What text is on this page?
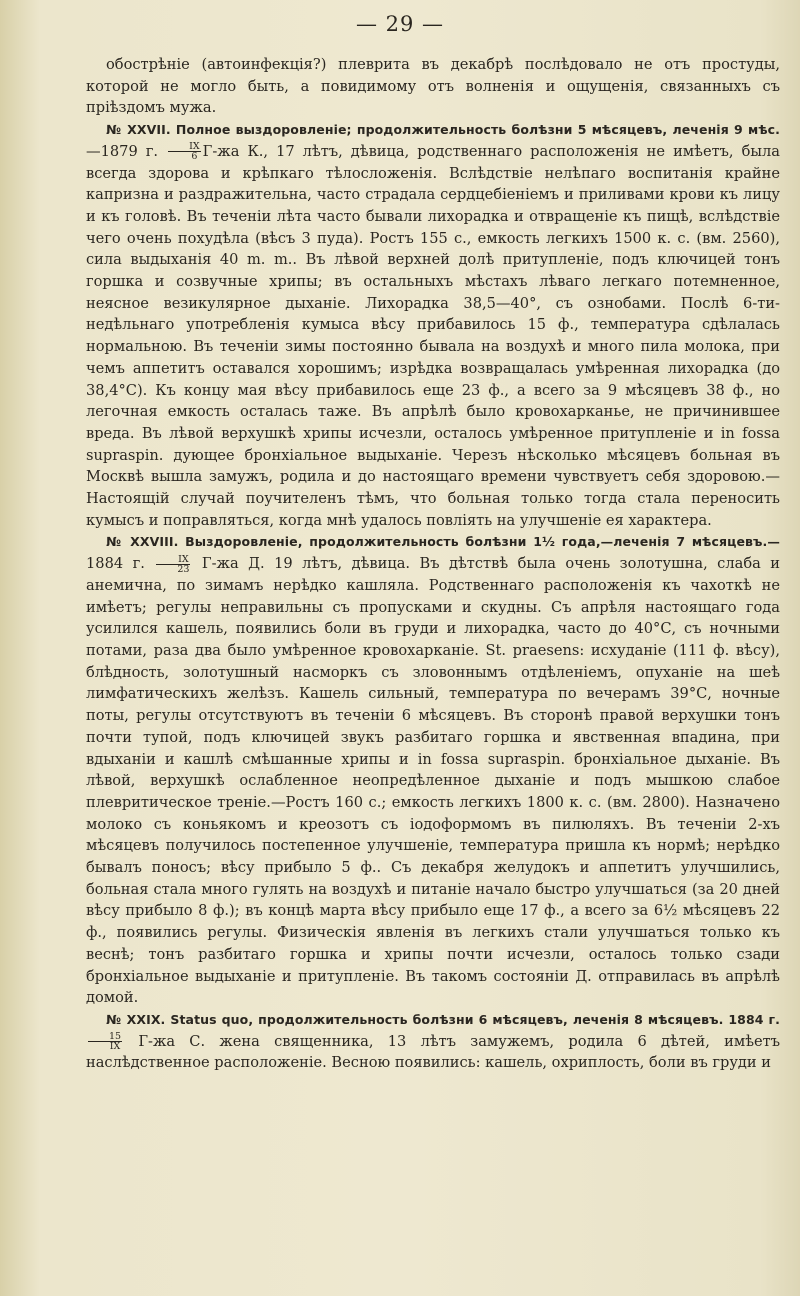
— 29 —

обострѣніе (автоинфекція?) плеврита въ декабрѣ послѣдовало не отъ простуды, которой не могло быть, а повидимому отъ волненія и ощущенія, связанныхъ съ пріѣздомъ мужа.

№ XXVII. Полное выздоровленіе; продолжительность болѣзни 5 мѣсяцевъ, леченія 9 мѣс.—1879 г. $\frac{IX}{6} Г-жа$ К., 17 лѣтъ, дѣвица, родственнаго расположенія не имѣетъ, была всегда здорова и крѣпкаго тѣлосложенія. Вслѣдствіе нелѣпаго воспитанія крайне капризна и раздражительна, часто страдала сердцебіеніемъ и приливами крови къ лицу и къ головѣ. Въ теченіи лѣта часто бывали лихорадка и отвращеніе къ пищѣ, вслѣдствіе чего очень похудѣла (вѣсъ 3 пуда). Ростъ 155 с., емкость легкихъ 1500 к. с. (вм. 2560), сила выдыханія 40 m. m.. Въ лѣвой верхней долѣ притупленіе, подъ ключицей тонъ горшка и созвучные хрипы; въ остальныхъ мѣстахъ лѣваго легкаго потемненное, неясное везикулярное дыханіе. Лихорадка 38,5—40°, съ ознобами. Послѣ 6-ти-недѣльнаго употребленія кумыса вѣсу прибавилось 15 ф., температура сдѣлалась нормальною. Въ теченіи зимы постоянно бывала на воздухѣ и много пила молока, при чемъ аппетитъ оставался хорошимъ; изрѣдка возвращалась умѣренная лихорадка (до 38,4°С). Къ концу мая вѣсу прибавилось еще 23 ф., а всего за 9 мѣсяцевъ 38 ф., но легочная емкость осталась таже. Въ апрѣлѣ было кровохарканье, не причинившее вреда. Въ лѣвой верхушкѣ хрипы исчезли, осталось умѣренное притупленіе и in fossa supraspin. дующее бронхіальное выдыханіе. Черезъ нѣсколько мѣсяцевъ больная въ Москвѣ вышла замужъ, родила и до настоящаго времени чувствуетъ себя здоровою.—Настоящій случай поучителенъ тѣмъ, что больная только тогда стала переносить кумысъ и поправляться, когда мнѣ удалось повліять на улучшеніе ея характера.

№ XXVIII. Выздоровленіе, продолжительность болѣзни 1½ года,—леченія 7 мѣсяцевъ.— 1884 г. $\frac{IX}{23} Г-жа$ Д. 19 лѣтъ, дѣвица. Въ дѣтствѣ была очень золотушна, слаба и анемична, по зимамъ нерѣдко кашляла. Родственнаго расположенія къ чахоткѣ не имѣетъ; регулы неправильны съ пропусками и скудны. Съ апрѣля настоящаго года усилился кашель, появились боли въ груди и лихорадка, часто до 40°С, съ ночными потами, раза два было умѣренное кровохарканіе. St. praesens: исхуданіе (111 ф. вѣсу), блѣдность, золотушный насморкъ съ зловоннымъ отдѣленіемъ, опуханіе на шеѣ лимфатическихъ желѣзъ. Кашель сильный, температура по вечерамъ 39°С, ночные поты, регулы отсутствуютъ въ теченіи 6 мѣсяцевъ. Въ сторонѣ правой верхушки тонъ почти тупой, подъ ключицей звукъ разбитаго горшка и явственная впадина, при вдыханіи и кашлѣ смѣшанные хрипы и in fossa supraspin. бронхіальное дыханіе. Въ лѣвой, верхушкѣ ослабленное неопредѣленное дыханіе и подъ мышкою слабое плевритическое треніе.—Ростъ 160 с.; емкость легкихъ 1800 к. с. (вм. 2800). Назначено молоко съ коньякомъ и креозотъ съ іодоформомъ въ пилюляхъ. Въ теченіи 2-хъ мѣсяцевъ получилось постепенное улучшеніе, температура пришла къ нормѣ; нерѣдко бывалъ поносъ; вѣсу прибыло 5 ф.. Съ декабря желудокъ и аппетитъ улучшились, больная стала много гулять на воздухѣ и питаніе начало быстро улучшаться (за 20 дней вѣсу прибыло 8 ф.); въ концѣ марта вѣсу прибыло еще 17 ф., а всего за 6½ мѣсяцевъ 22 ф., появились регулы. Физическія явленія въ легкихъ стали улучшаться только къ веснѣ; тонъ разбитаго горшка и хрипы почти исчезли, осталось только сзади бронхіальное выдыханіе и притупленіе. Въ такомъ состояніи Д. отправилась въ апрѣлѣ домой.

№ XXIX. Status quo, продолжительность болѣзни 6 мѣсяцевъ, леченія 8 мѣсяцевъ. 1884 г.
$\frac{15}{IX} Г-жа$ С. жена священника, 13 лѣтъ замужемъ, родила 6 дѣтей, имѣетъ наслѣдственное расположеніе. Весною появились: кашель, охриплость, боли въ груди и
